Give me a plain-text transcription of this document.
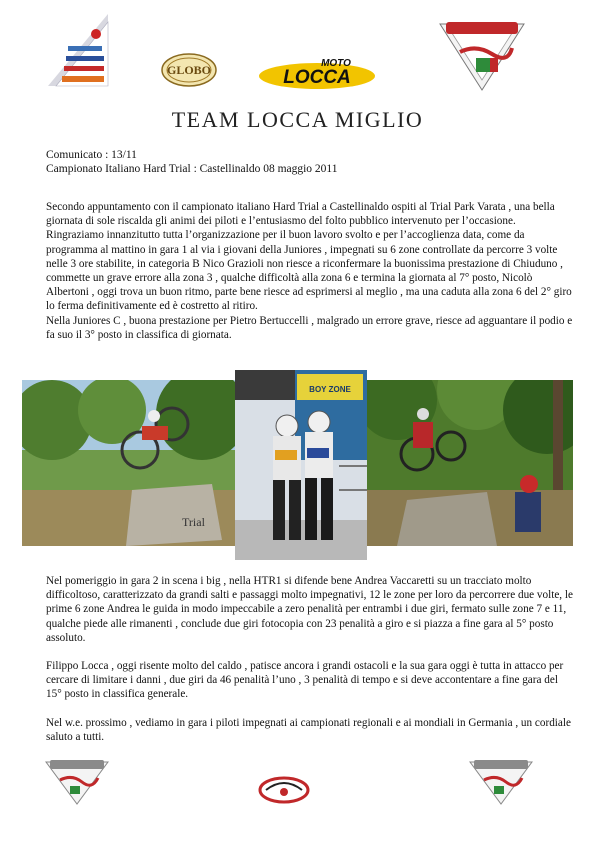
GLOBO	LOCCA
MOTO
TEAM LOCCA MIGLIO
Comunicato : 13/11
Campionato Italiano Hard Trial : Castellinaldo 08 maggio 2011

Secondo appuntamento con il campionato italiano Hard Trial a Castellinaldo ospiti al Trial Park Varata , una bella giornata di sole riscalda gli animi dei piloti e l’entusiasmo del folto pubblico intervenuto per l’occasione.

Ringraziamo innanzitutto tutta l’organizzazione per il buon lavoro svolto e per l’accoglienza data, come da programma al mattino in gara 1 al via i giovani della Juniores , impegnati su 6 zone controllate da percorre 3 volte nelle 3 ore stabilite, in categoria B Nico Grazioli non riesce a riconfermare la buonissima prestazione di Chiuduno , commette un grave errore alla zona 3 , qualche difficoltà alla zona 6 e termina la giornata al 7° posto, Nicolò Albertoni , oggi trova un buon ritmo, parte bene riesce ad esprimersi al meglio , ma una caduta alla zona 6 del 2° giro lo ferma definitivamente ed è costretto al ritiro.

Nella Juniores C , buona prestazione per Pietro Bertuccelli , malgrado un errore grave, riesce ad agguantare il podio e fa suo il 3° posto in classifica di giornata.

Trial
BOY ZONE

Nel pomeriggio in gara 2 in scena i big , nella HTR1 si difende bene Andrea Vaccaretti su un tracciato molto difficoltoso, caratterizzato da grandi salti e passaggi molto impegnativi, 12 le zone per loro da percorrere due volte, le prime 6 zone Andrea le guida in modo impeccabile a zero penalità per entrambi i due giri, fermato sulle zone 7 e 11, qualche piede alle rimanenti , conclude due giri fotocopia con 23 penalità a giro e si piazza a fine gara al 5° posto assoluto.

Filippo Locca , oggi risente molto del caldo , patisce ancora i grandi ostacoli e la sua gara oggi è tutta in attacco per cercare di limitare i danni , due giri da 46 penalità l’uno , 3 penalità di tempo e si deve accontentare a fine gara del 15° posto in classifica generale.

Nel w.e. prossimo , vediamo in gara i piloti impegnati ai campionati regionali e ai mondiali in Germania , un cordiale saluto a tutti.
